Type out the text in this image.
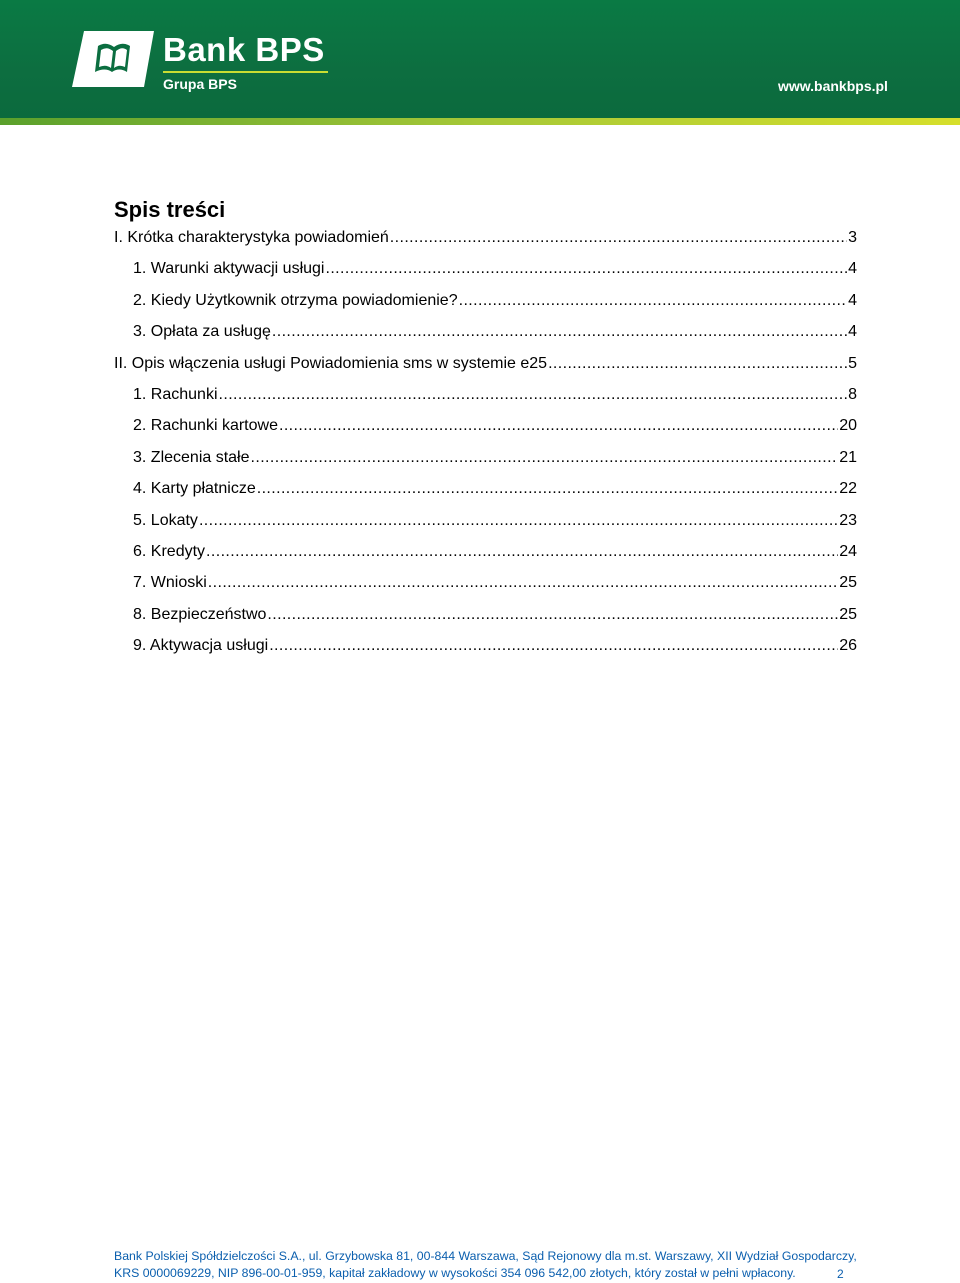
Bank BPS
Grupa BPS	www.bankbps.pl
Spis treści
I. Krótka charakterystyka powiadomień .....	3
1. Warunki aktywacji usługi .....	4
2. Kiedy Użytkownik otrzyma powiadomienie? .....	4
3. Opłata za usługę .....	4
II. Opis włączenia usługi Powiadomienia sms w systemie e25 .....	5
1. Rachunki .....	8
2. Rachunki kartowe .....	20
3. Zlecenia stałe .....	21
4. Karty płatnicze .....	22
5. Lokaty .....	23
6. Kredyty .....	24
7. Wnioski .....	25
8. Bezpieczeństwo .....	25
9. Aktywacja usługi .....	26
Bank Polskiej Spółdzielczości S.A., ul. Grzybowska 81, 00-844 Warszawa, Sąd Rejonowy dla m.st. Warszawy, XII Wydział Gospodarczy,
KRS 0000069229, NIP 896-00-01-959, kapitał zakładowy w wysokości 354 096 542,00 złotych, który został w pełni wpłacony.	2
